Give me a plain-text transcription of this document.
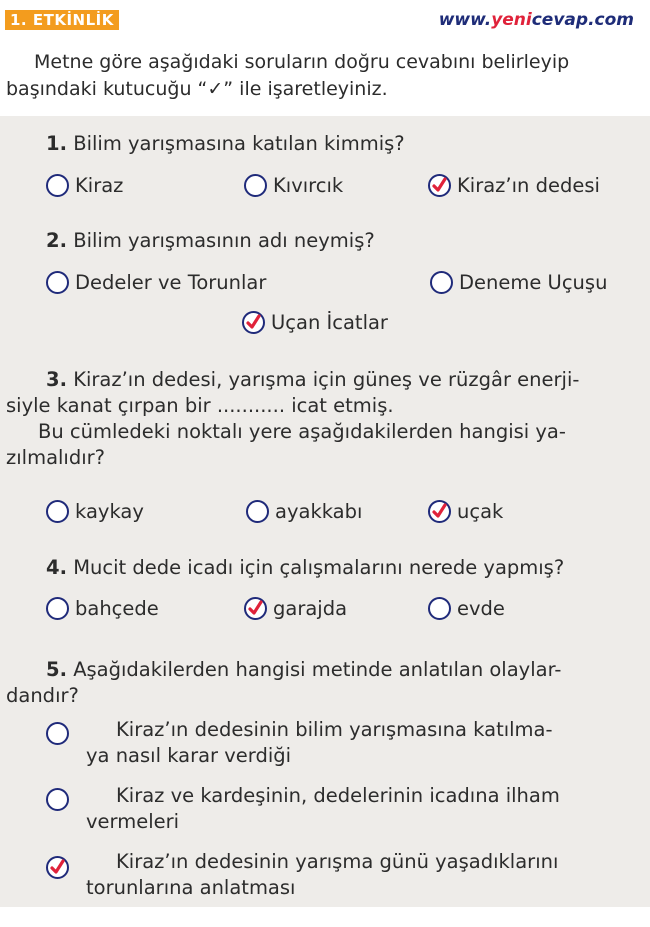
1. ETKİNLİK	www.yenicevap.com
Metne göre aşağıdaki soruların doğru cevabını belirleyip
başındaki kutucuğu “✓” ile işaretleyiniz.
1. Bilim yarışmasına katılan kimmiş?
Kiraz	Kıvırcık	Kiraz’ın dedesi
2. Bilim yarışmasının adı neymiş?
Dedeler ve Torunlar	Deneme Uçuşu
Uçan İcatlar
3. Kiraz’ın dedesi, yarışma için güneş ve rüzgâr enerji-
siyle kanat çırpan bir ........... icat etmiş.
Bu cümledeki noktalı yere aşağıdakilerden hangisi ya-
zılmalıdır?
kaykay	ayakkabı	uçak
4. Mucit dede icadı için çalışmalarını nerede yapmış?
bahçede	garajda	evde
5. Aşağıdakilerden hangisi metinde anlatılan olaylar-
dandır?
Kiraz’ın dedesinin bilim yarışmasına katılma-
ya nasıl karar verdiği
Kiraz ve kardeşinin, dedelerinin icadına ilham
vermeleri
Kiraz’ın dedesinin yarışma günü yaşadıklarını
torunlarına anlatması
